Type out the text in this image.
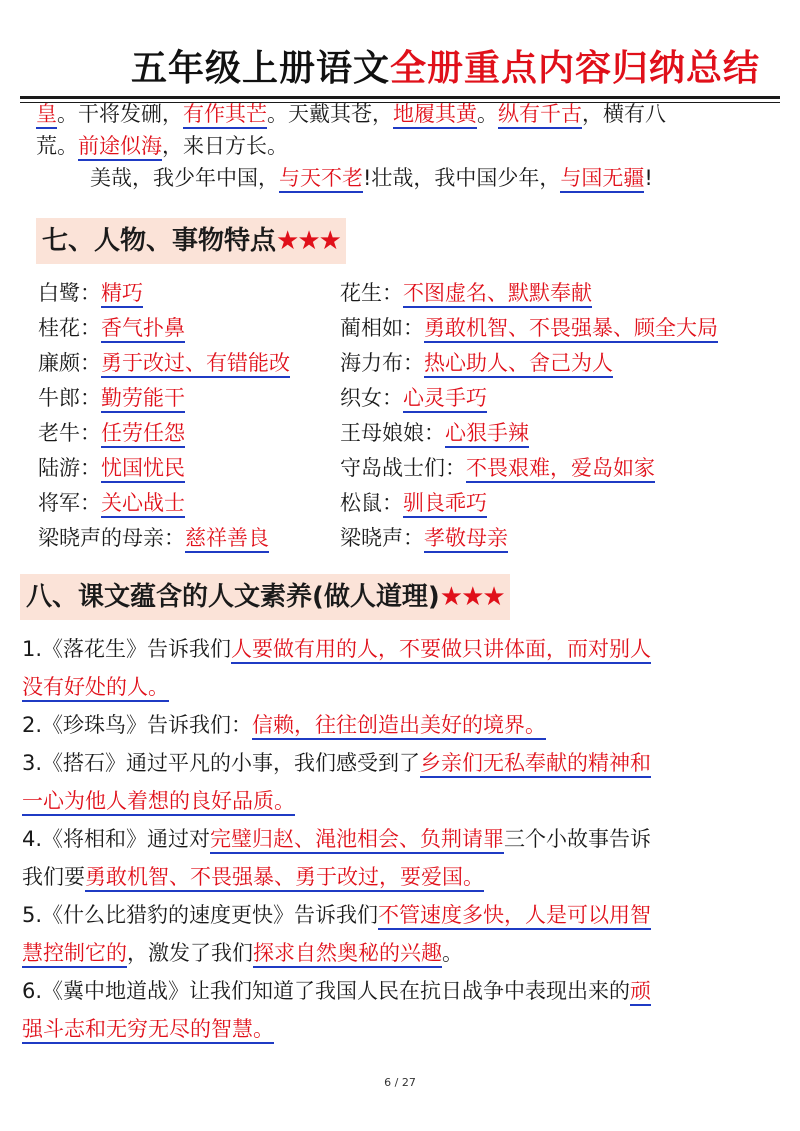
五年级上册语文全册重点内容归纳总结
皇。干将发硎，有作其芒。天戴其苍，地履其黄。纵有千古，横有八
荒。前途似海，来日方长。
美哉，我少年中国，与天不老!壮哉，我中国少年，与国无疆!
七、人物、事物特点★★★
白鹭：精巧	花生：不图虚名、默默奉献
桂花：香气扑鼻	蔺相如：勇敢机智、不畏强暴、顾全大局
廉颇：勇于改过、有错能改 海力布：热心助人、舍己为人
牛郎：勤劳能干	织女：心灵手巧
老牛：任劳任怨	王母娘娘：心狠手辣
陆游：忧国忧民	守岛战士们：不畏艰难，爱岛如家
将军：关心战士	松鼠：驯良乖巧
梁晓声的母亲：慈祥善良	梁晓声：孝敬母亲
八、课文蕴含的人文素养(做人道理)★★★
1.《落花生》告诉我们人要做有用的人，不要做只讲体面，而对别人
没有好处的人。
2.《珍珠鸟》告诉我们：信赖，往往创造出美好的境界。
3.《搭石》通过平凡的小事，我们感受到了乡亲们无私奉献的精神和
一心为他人着想的良好品质。
4.《将相和》通过对完璧归赵、渑池相会、负荆请罪三个小故事告诉
我们要勇敢机智、不畏强暴、勇于改过，要爱国。
5.《什么比猎豹的速度更快》告诉我们不管速度多快，人是可以用智
慧控制它的，激发了我们探求自然奥秘的兴趣。
6.《冀中地道战》让我们知道了我国人民在抗日战争中表现出来的顽
强斗志和无穷无尽的智慧。
6 / 27
